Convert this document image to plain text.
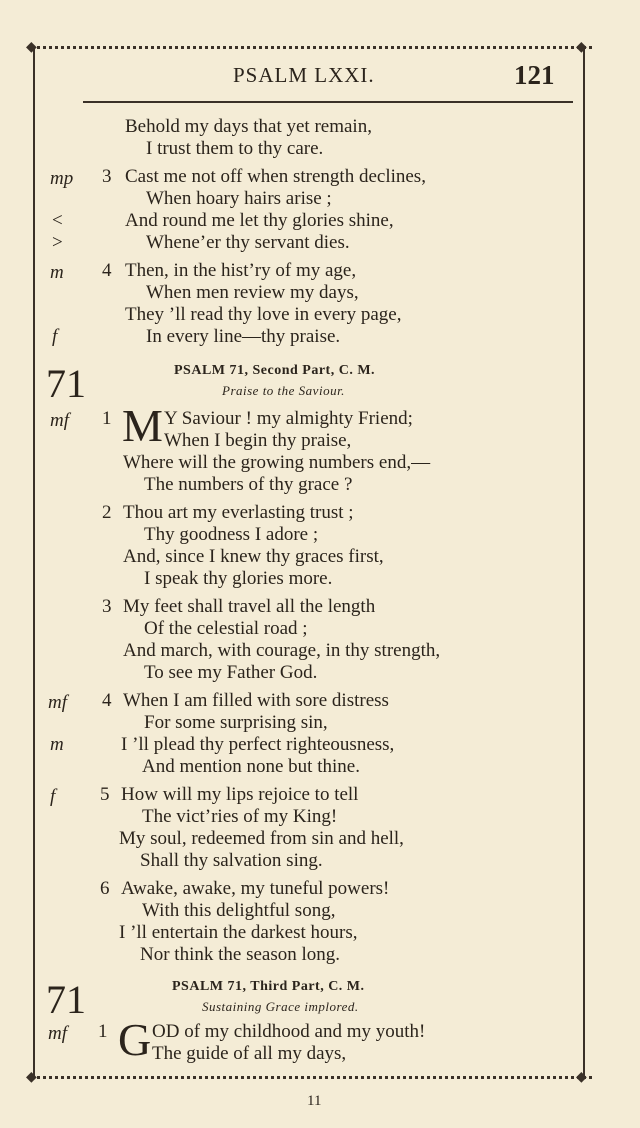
◆	◆
◆	◆
PSALM LXXI.	121
Behold my days that yet remain,
I trust them to thy care.
mp 3 Cast me not off when strength declines,
When hoary hairs arise ;
<	And round me let thy glories shine,
>	Whene’er thy servant dies.
m 4 Then, in the hist’ry of my age,
When men review my days,
They ’ll read thy love in every page,
f	In every line—thy praise.
71	PSALM 71, Second Part, C. M.
Praise to the Saviour.
mf 1 M Y Saviour ! my almighty Friend;
When I begin thy praise,
Where will the growing numbers end,—
The numbers of thy grace ?
2 Thou art my everlasting trust ;
Thy goodness I adore ;
And, since I knew thy graces first,
I speak thy glories more.
3 My feet shall travel all the length
Of the celestial road ;
And march, with courage, in thy strength,
To see my Father God.
mf 4 When I am filled with sore distress
For some surprising sin,
m	I ’ll plead thy perfect righteousness,
And mention none but thine.
f 5 How will my lips rejoice to tell
The vict’ries of my King!
My soul, redeemed from sin and hell,
Shall thy salvation sing.
6 Awake, awake, my tuneful powers!
With this delightful song,
I ’ll entertain the darkest hours,
Nor think the season long.
71	PSALM 71, Third Part, C. M.
Sustaining Grace implored.
mf 1 G OD of my childhood and my youth!
The guide of all my days,
11
